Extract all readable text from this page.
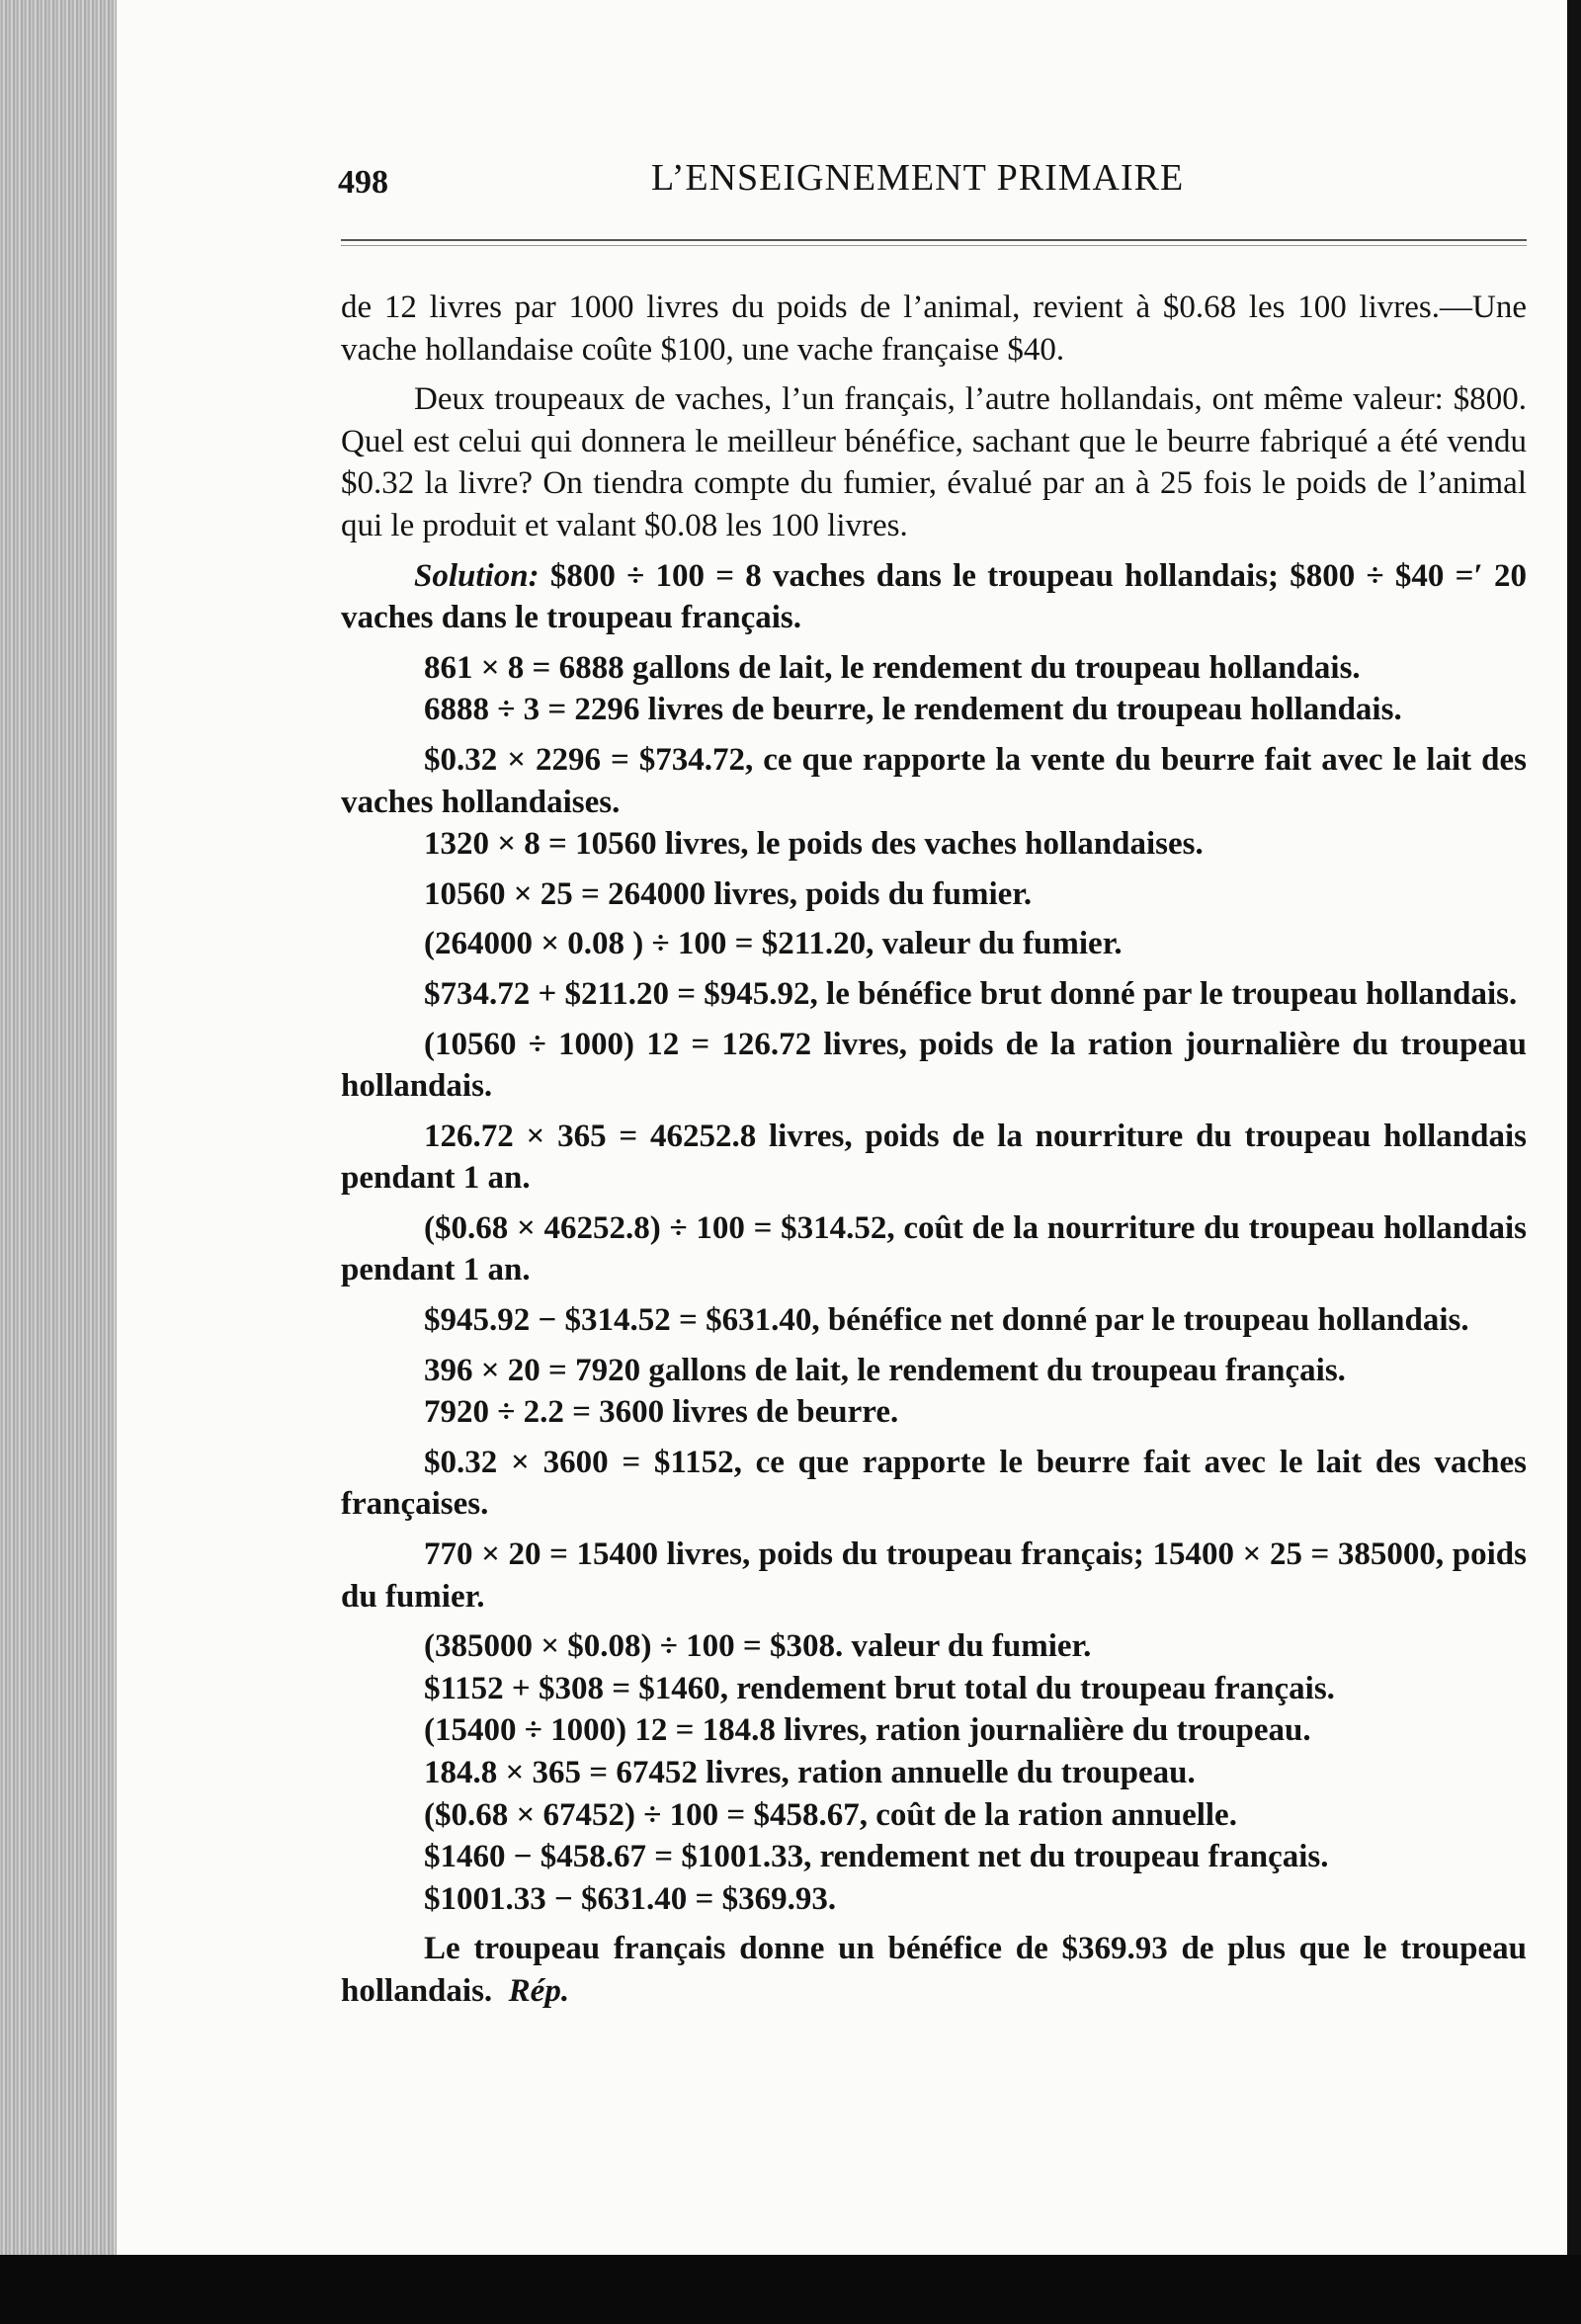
498	L’ENSEIGNEMENT PRIMAIRE

de 12 livres par 1000 livres du poids de l’animal, revient à $0.68 les 100 livres.—Une vache hollandaise coûte $100, une vache française $40.

Deux troupeaux de vaches, l’un français, l’autre hollandais, ont même valeur: $800. Quel est celui qui donnera le meilleur bénéfice, sachant que le beurre fabriqué a été vendu $0.32 la livre? On tiendra compte du fumier, évalué par an à 25 fois le poids de l’animal qui le produit et valant $0.08 les 100 livres.

Solution: $800 ÷ 100 = 8 vaches dans le troupeau hollandais; $800 ÷ $40 =′ 20 vaches dans le troupeau français.

861 × 8 = 6888 gallons de lait, le rendement du troupeau hollandais.

6888 ÷ 3 = 2296 livres de beurre, le rendement du troupeau hollandais.

$0.32 × 2296 = $734.72, ce que rapporte la vente du beurre fait avec le lait des vaches hollandaises.

1320 × 8 = 10560 livres, le poids des vaches hollandaises.

10560 × 25 = 264000 livres, poids du fumier.

(264000 × 0.08 ) ÷ 100 = $211.20, valeur du fumier.

$734.72 + $211.20 = $945.92, le bénéfice brut donné par le troupeau hollandais.

(10560 ÷ 1000) 12 = 126.72 livres, poids de la ration journalière du troupeau hollandais.

126.72 × 365 = 46252.8 livres, poids de la nourriture du troupeau hollandais pendant 1 an.

($0.68 × 46252.8) ÷ 100 = $314.52, coût de la nourriture du troupeau hollandais pendant 1 an.

$945.92 − $314.52 = $631.40, bénéfice net donné par le troupeau hollandais.

396 × 20 = 7920 gallons de lait, le rendement du troupeau français.

7920 ÷ 2.2 = 3600 livres de beurre.

$0.32 × 3600 = $1152, ce que rapporte le beurre fait avec le lait des vaches françaises.

770 × 20 = 15400 livres, poids du troupeau français; 15400 × 25 = 385000, poids du fumier.

(385000 × $0.08) ÷ 100 = $308. valeur du fumier.

$1152 + $308 = $1460, rendement brut total du troupeau français.

(15400 ÷ 1000) 12 = 184.8 livres, ration journalière du troupeau.

184.8 × 365 = 67452 livres, ration annuelle du troupeau.

($0.68 × 67452) ÷ 100 = $458.67, coût de la ration annuelle.

$1460 − $458.67 = $1001.33, rendement net du troupeau français.

$1001.33 − $631.40 = $369.93.

Le troupeau français donne un bénéfice de $369.93 de plus que le troupeau hollandais. Rép.
